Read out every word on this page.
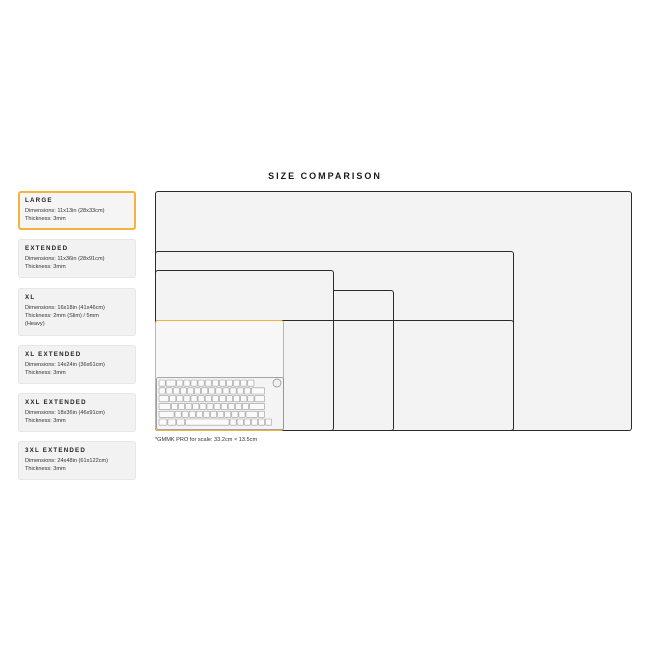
SIZE COMPARISON
LARGE
Dimensions: 11x13in (28x33cm)
Thickness: 3mm
EXTENDED
Dimensions: 11x36in (28x91cm)
Thickness: 3mm
XL
Dimensions: 16x18in (41x46cm)
Thickness: 2mm (Slim) / 5mm
(Heavy)
XL EXTENDED
Dimensions: 14x24in (36x61cm)
Thickness: 3mm
XXL EXTENDED
Dimensions: 18x36in (46x91cm)
Thickness: 3mm
3XL EXTENDED
Dimensions: 24x48in (61x122cm)
Thickness: 3mm
*GMMK PRO for scale: 33.2cm × 13.5cm
